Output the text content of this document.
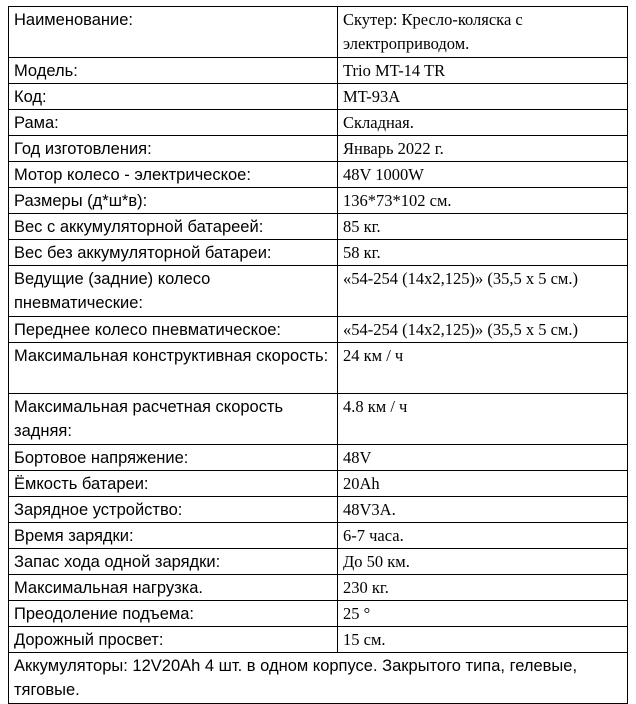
Наименование:	Скутер: Кресло-коляска с электроприводом.
Модель:	Trio MT-14 TR
Код:	MT-93A
Рама:	Складная.
Год изготовления:	Январь 2022 г.
Мотор колесо - электрическое:	48V 1000W
Размеры (д*ш*в):	136*73*102 см.
Вес с аккумуляторной батареей:	85 кг.
Вес без аккумуляторной батареи:	58 кг.
Ведущие (задние) колесо пневматические:	«54-254 (14х2,125)» (35,5 х 5 см.)
Переднее колесо пневматическое:	«54-254 (14х2,125)» (35,5 х 5 см.)
Максимальная конструктивная скорость:	24 км / ч
Максимальная расчетная скорость задняя:	4.8 км / ч
Бортовое напряжение:	48V
Ёмкость батареи:	20Ah
Зарядное устройство:	48V3A.
Время зарядки:	6-7 часа.
Запас хода одной зарядки:	До 50 км.
Максимальная нагрузка.	230 кг.
Преодоление подъема:	25 °
Дорожный просвет:	15 см.
Аккумуляторы: 12V20Ah 4 шт. в одном корпусе. Закрытого типа, гелевые, тяговые.	
